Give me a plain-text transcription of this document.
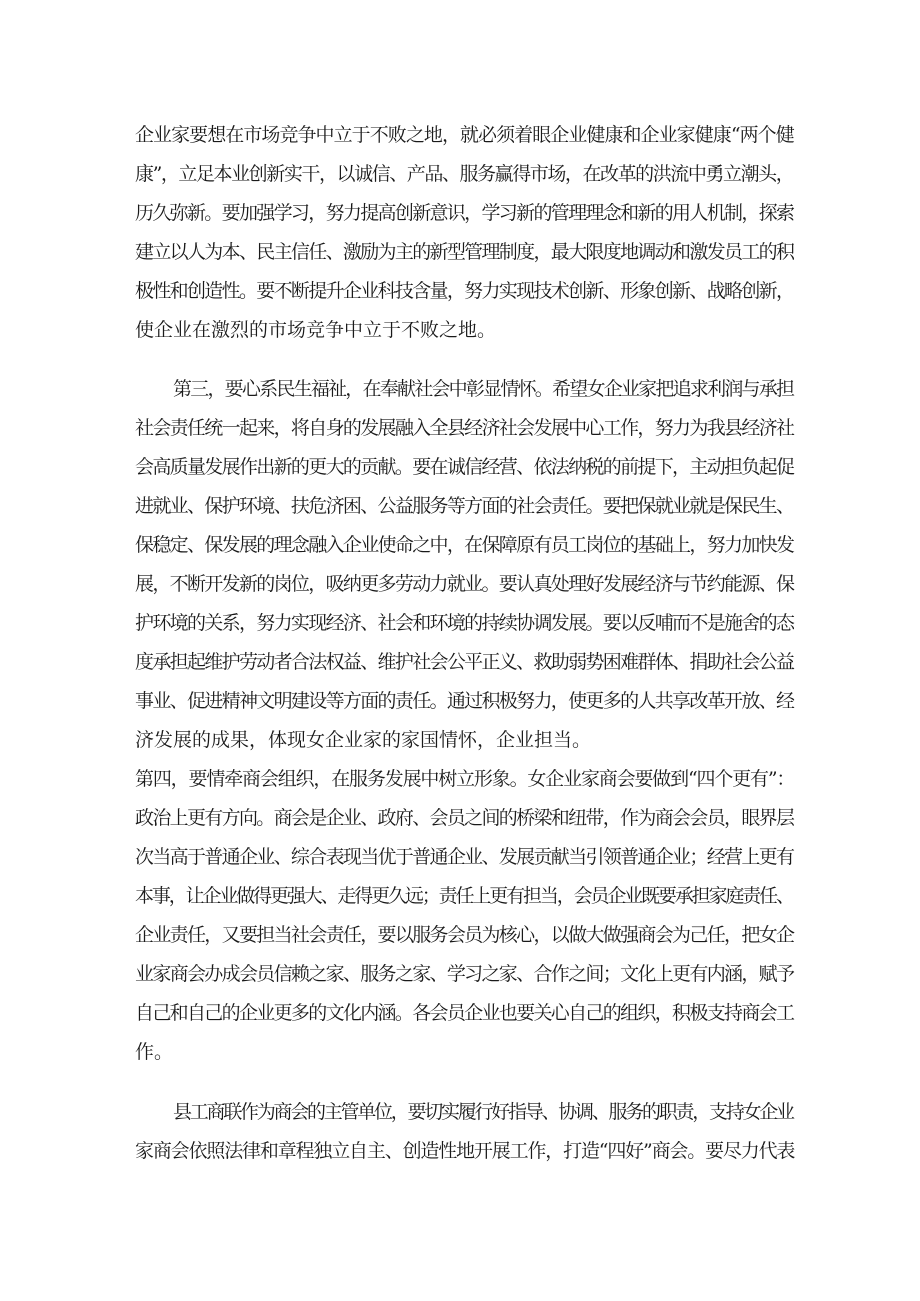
企业家要想在市场竞争中立于不败之地，就必须着眼企业健康和企业家健康“两个健
康”，立足本业创新实干，以诚信、产品、服务赢得市场，在改革的洪流中勇立潮头，
历久弥新。要加强学习，努力提高创新意识，学习新的管理理念和新的用人机制，探索
建立以人为本、民主信任、激励为主的新型管理制度，最大限度地调动和激发员工的积
极性和创造性。要不断提升企业科技含量，努力实现技术创新、形象创新、战略创新，
使企业在激烈的市场竞争中立于不败之地。
第三，要心系民生福祉，在奉献社会中彰显情怀。希望女企业家把追求利润与承担
社会责任统一起来，将自身的发展融入全县经济社会发展中心工作，努力为我县经济社
会高质量发展作出新的更大的贡献。要在诚信经营、依法纳税的前提下，主动担负起促
进就业、保护环境、扶危济困、公益服务等方面的社会责任。要把保就业就是保民生、
保稳定、保发展的理念融入企业使命之中，在保障原有员工岗位的基础上，努力加快发
展，不断开发新的岗位，吸纳更多劳动力就业。要认真处理好发展经济与节约能源、保
护环境的关系，努力实现经济、社会和环境的持续协调发展。要以反哺而不是施舍的态
度承担起维护劳动者合法权益、维护社会公平正义、救助弱势困难群体、捐助社会公益
事业、促进精神文明建设等方面的责任。通过积极努力，使更多的人共享改革开放、经
济发展的成果，体现女企业家的家国情怀，企业担当。
第四，要情牵商会组织，在服务发展中树立形象。女企业家商会要做到“四个更有”：
政治上更有方向。商会是企业、政府、会员之间的桥梁和纽带，作为商会会员，眼界层
次当高于普通企业、综合表现当优于普通企业、发展贡献当引领普通企业；经营上更有
本事，让企业做得更强大、走得更久远；责任上更有担当，会员企业既要承担家庭责任、
企业责任，又要担当社会责任，要以服务会员为核心，以做大做强商会为己任，把女企
业家商会办成会员信赖之家、服务之家、学习之家、合作之间；文化上更有内涵，赋予
自己和自己的企业更多的文化内涵。各会员企业也要关心自己的组织，积极支持商会工
作。
县工商联作为商会的主管单位，要切实履行好指导、协调、服务的职责，支持女企业
家商会依照法律和章程独立自主、创造性地开展工作，打造“四好”商会。要尽力代表
